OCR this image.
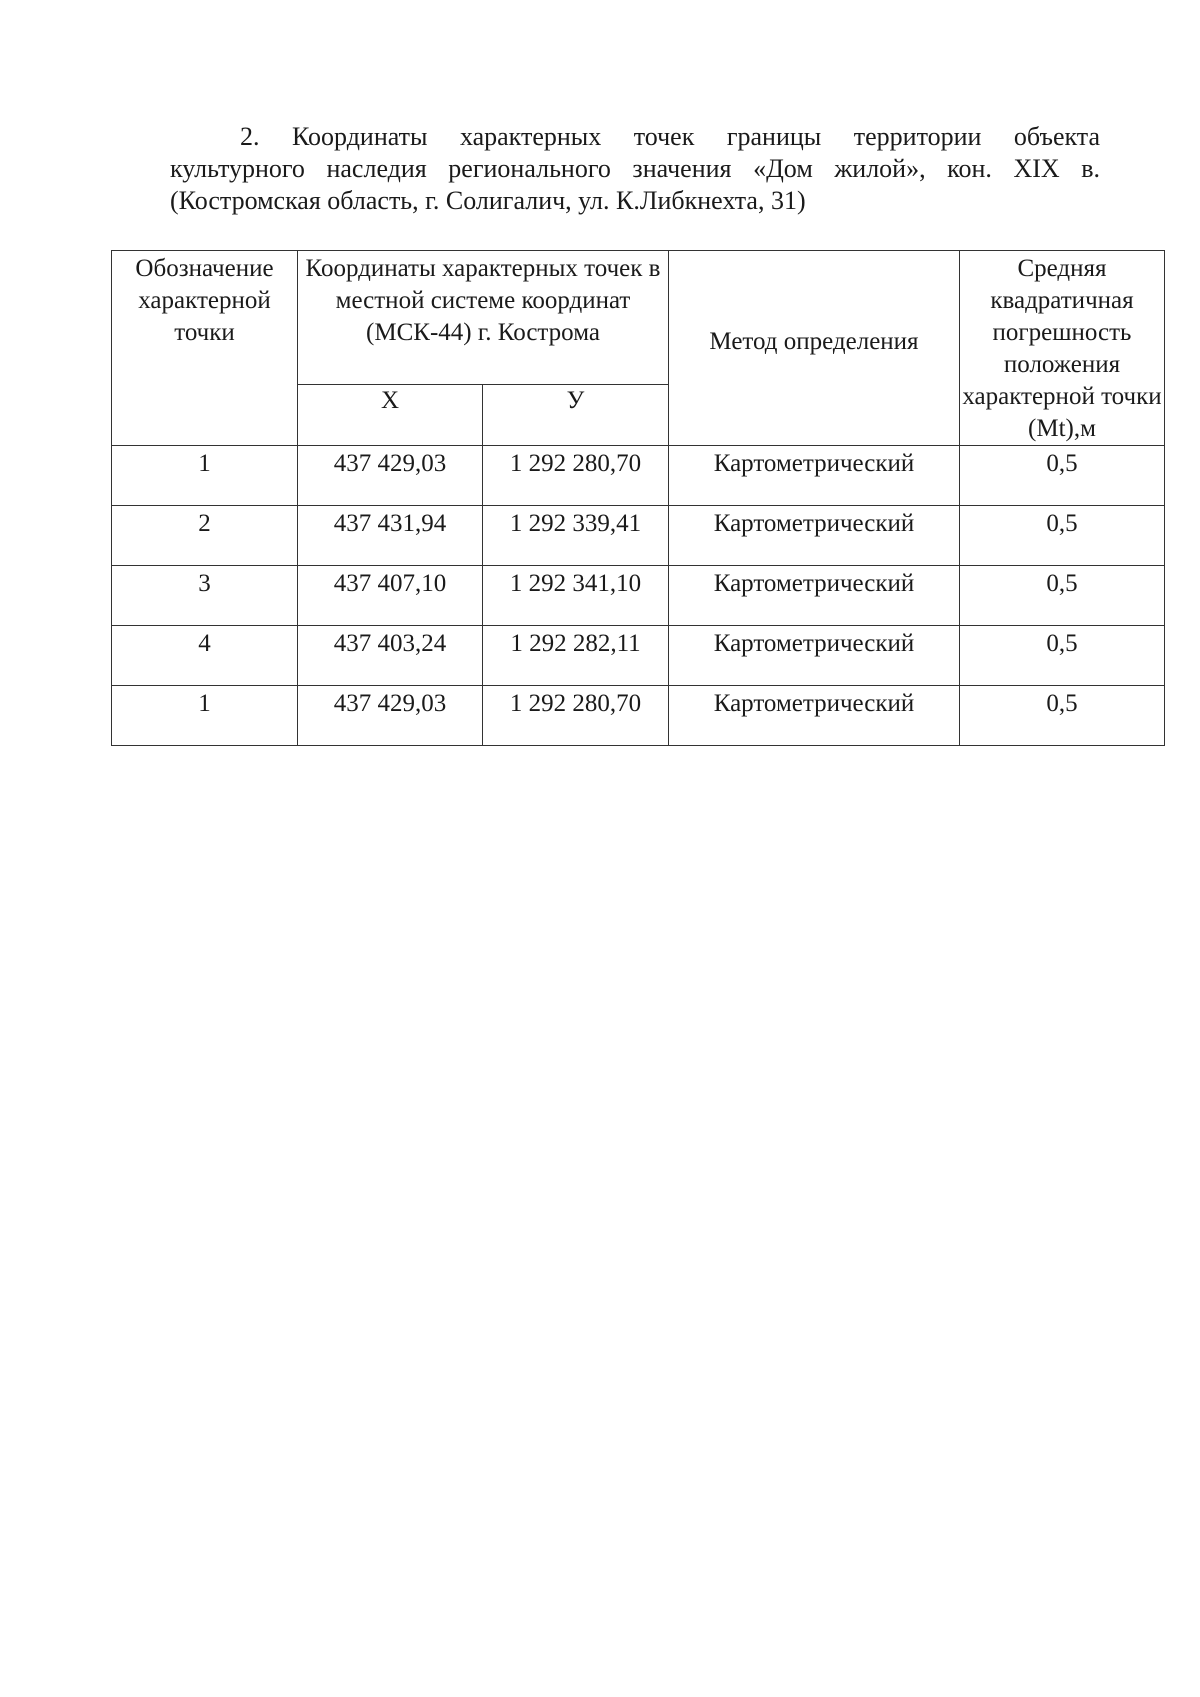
2. Координаты характерных точек границы территории объекта
культурного наследия регионального значения «Дом жилой», кон. XIX в.
(Костромская область, г. Солигалич, ул. К.Либкнехта, 31)
Обозначение характерной точки	Координаты характерных точек в местной системе координат (МСК-44) г. Кострома		Метод определения	Средняя квадратичная погрешность положения характерной точки (Mt),м
	Х	У		
1	437 429,03	1 292 280,70	Картометрический	0,5
2	437 431,94	1 292 339,41	Картометрический	0,5
3	437 407,10	1 292 341,10	Картометрический	0,5
4	437 403,24	1 292 282,11	Картометрический	0,5
1	437 429,03	1 292 280,70	Картометрический	0,5
